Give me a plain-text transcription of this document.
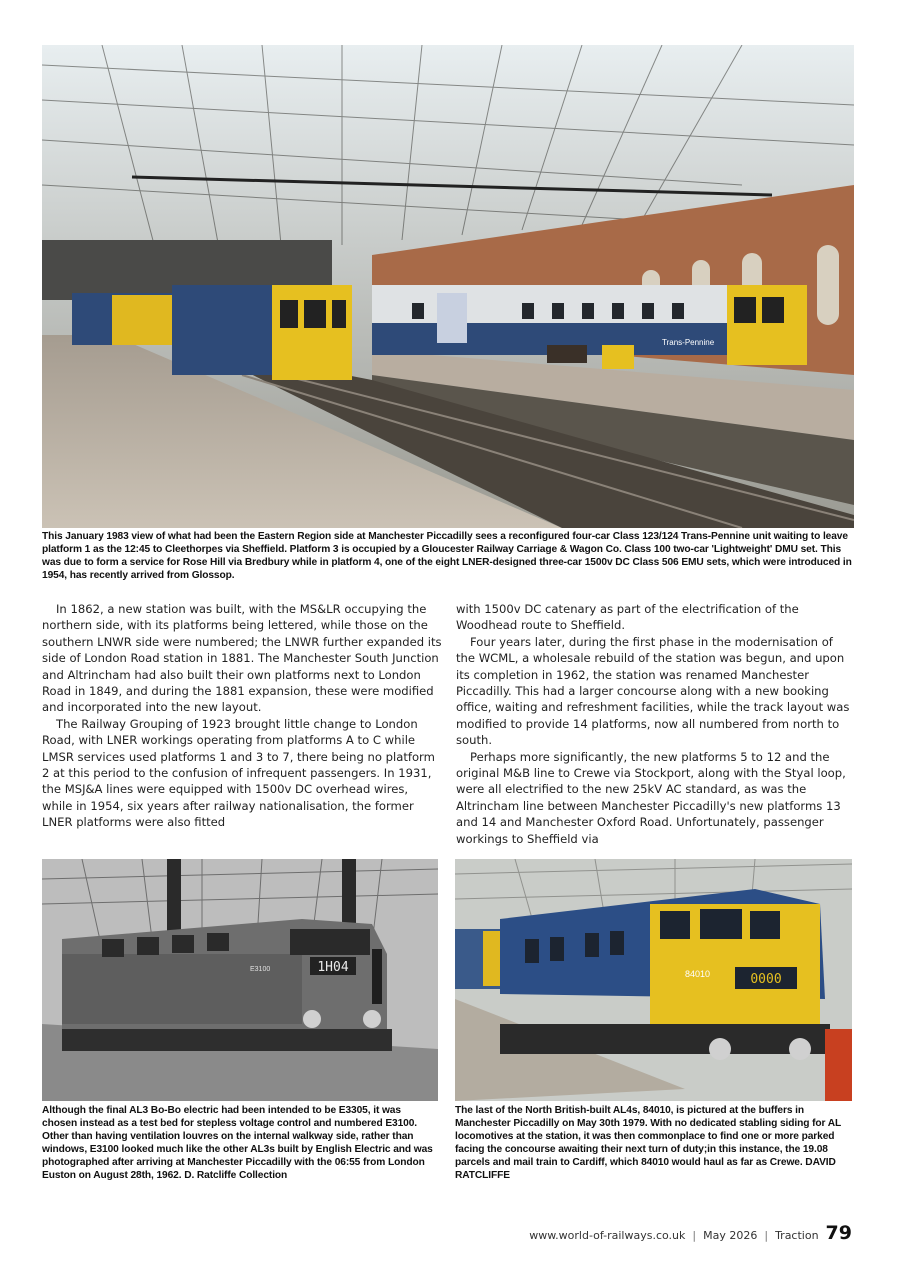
Trans-Pennine

This January 1983 view of what had been the Eastern Region side at Manchester Piccadilly sees a reconfigured four-car Class 123/124 Trans-Pennine unit waiting to leave platform 1 as the 12:45 to Cleethorpes via Sheffield. Platform 3 is occupied by a Gloucester Railway Carriage & Wagon Co. Class 100 two-car 'Lightweight' DMU set. This was due to form a service for Rose Hill via Bredbury while in platform 4, one of the eight LNER-designed three-car 1500v DC Class 506 EMU sets, which were introduced in 1954, has recently arrived from Glossop.

In 1862, a new station was built, with the MS&LR occupying the northern side, with its platforms being lettered, while those on the southern LNWR side were numbered; the LNWR further expanded its side of London Road station in 1881. The Manchester South Junction and Altrincham had also built their own platforms next to London Road in 1849, and during the 1881 expansion, these were modified and incorporated into the new layout.

The Railway Grouping of 1923 brought little change to London Road, with LNER workings operating from platforms A to C while LMSR services used platforms 1 and 3 to 7, there being no platform 2 at this period to the confusion of infrequent passengers. In 1931, the MSJ&A lines were equipped with 1500v DC overhead wires, while in 1954, six years after railway nationalisation, the former LNER platforms were also fitted

with 1500v DC catenary as part of the electrification of the Woodhead route to Sheffield.

Four years later, during the first phase in the modernisation of the WCML, a wholesale rebuild of the station was begun, and upon its completion in 1962, the station was renamed Manchester Piccadilly. This had a larger concourse along with a new booking office, waiting and refreshment facilities, while the track layout was modified to provide 14 platforms, now all numbered from north to south.

Perhaps more significantly, the new platforms 5 to 12 and the original M&B line to Crewe via Stockport, along with the Styal loop, were all electrified to the new 25kV AC standard, as was the Altrincham line between Manchester Piccadilly's new platforms 13 and 14 and Manchester Oxford Road. Unfortunately, passenger workings to Sheffield via

1H04
E3100
0000
84010

Although the final AL3 Bo-Bo electric had been intended to be E3305, it was chosen instead as a test bed for stepless voltage control and numbered E3100. Other than having ventilation louvres on the internal walkway side, rather than windows, E3100 looked much like the other AL3s built by English Electric and was photographed after arriving at Manchester Piccadilly with the 06:55 from London Euston on August 28th, 1962. D. Ratcliffe Collection

The last of the North British-built AL4s, 84010, is pictured at the buffers in Manchester Piccadilly on May 30th 1979. With no dedicated stabling siding for AL locomotives at the station, it was then commonplace to find one or more parked facing the concourse awaiting their next turn of duty;in this instance, the 19.08 parcels and mail train to Cardiff, which 84010 would haul as far as Crewe. DAVID RATCLIFFE

www.world-of-railways.co.uk | May 2026 | Traction 79
